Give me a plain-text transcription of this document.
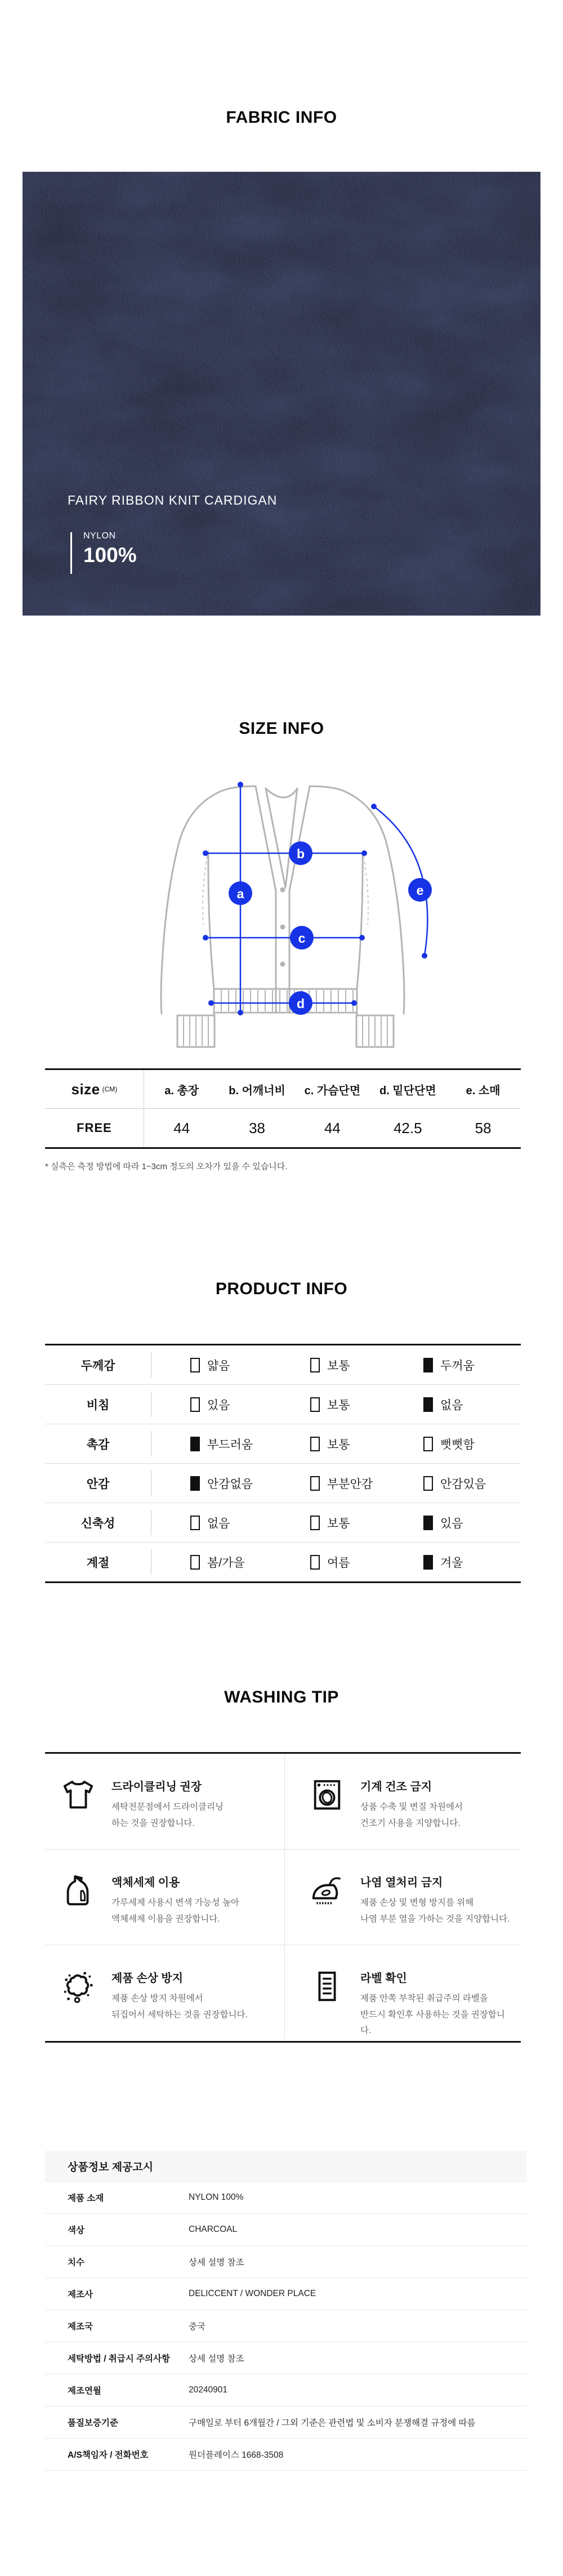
FABRIC INFO
FAIRY RIBBON KNIT CARDIGAN
NYLON
100%
SIZE INFO
a
b
c
d
e
size (CM)	a. 총장	b. 어깨너비	c. 가슴단면	d. 밑단단면	e. 소매
FREE	44	38	44	42.5	58
* 실측은 측정 방법에 따라 1~3cm 정도의 오차가 있을 수 있습니다.
PRODUCT INFO
두께감	얇음	보통	두꺼움
비침	있음	보통	없음
촉감	부드러움	보통	뻣뻣함
안감	안감없음	부분안감	안감있음
신축성	없음	보통	있음
계절	봄/가을	여름	겨울
WASHING TIP
드라이클리닝 권장
세탁전문점에서 드라이클리닝
하는 것을 권장합니다.
기계 건조 금지
상품 수축 및 변질 차원에서
건조기 사용을 지양합니다.
액체세제 이용
가루세제 사용시 변색 가능성 높아
액체세제 이용을 권장합니다.
나염 열처리 금지
제품 손상 및 변형 방지를 위해
나염 부분 열을 가하는 것을 지양합니다.
제품 손상 방지
제품 손상 방지 차원에서
뒤집어서 세탁하는 것을 권장합니다.
라벨 확인
제품 안쪽 부착된 취급주의 라벨을
반드시 확인후 사용하는 것을 권장합니다.
상품정보 제공고시
제품 소재	NYLON 100%
색상	CHARCOAL
치수	상세 설명 참조
제조사	DELICCENT / WONDER PLACE
제조국	중국
세탁방법 / 취급시 주의사항	상세 설명 참조
제조연월	20240901
품질보증기준	구매일로 부터 6개월간 / 그외 기준은 관련법 및 소비자 분쟁해결 규정에 따름
A/S책임자 / 전화번호	원더플레이스 1668-3508
